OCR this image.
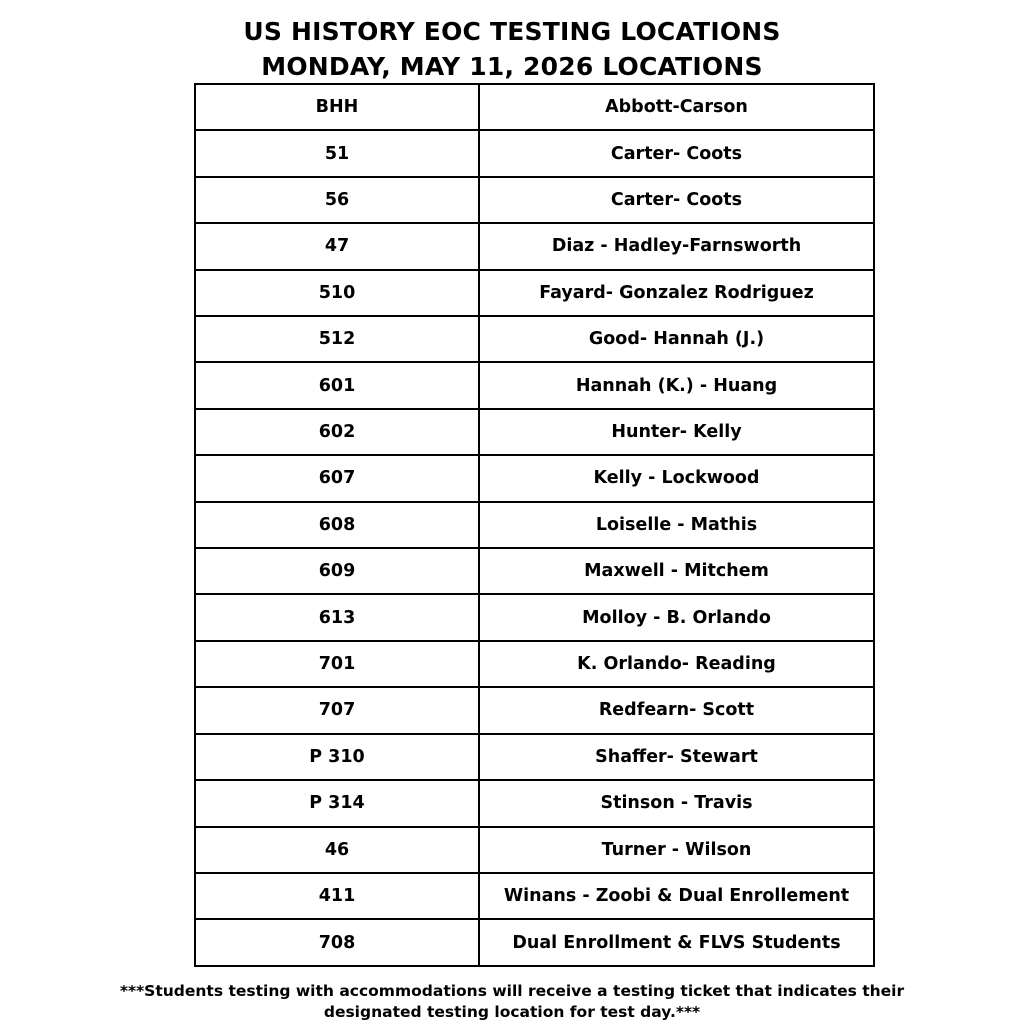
US HISTORY EOC TESTING LOCATIONS
MONDAY, MAY 11, 2026 LOCATIONS
BHH	Abbott-Carson
51	Carter- Coots
56	Carter- Coots
47	Diaz - Hadley-Farnsworth
510	Fayard- Gonzalez Rodriguez
512	Good- Hannah (J.)
601	Hannah (K.) - Huang
602	Hunter- Kelly
607	Kelly - Lockwood
608	Loiselle - Mathis
609	Maxwell - Mitchem
613	Molloy - B. Orlando
701	K. Orlando- Reading
707	Redfearn- Scott
P 310	Shaffer- Stewart
P 314	Stinson - Travis
46	Turner - Wilson
411	Winans - Zoobi & Dual Enrollement
708	Dual Enrollment & FLVS Students
***Students testing with accommodations will receive a testing ticket that indicates their designated testing location for test day.***
